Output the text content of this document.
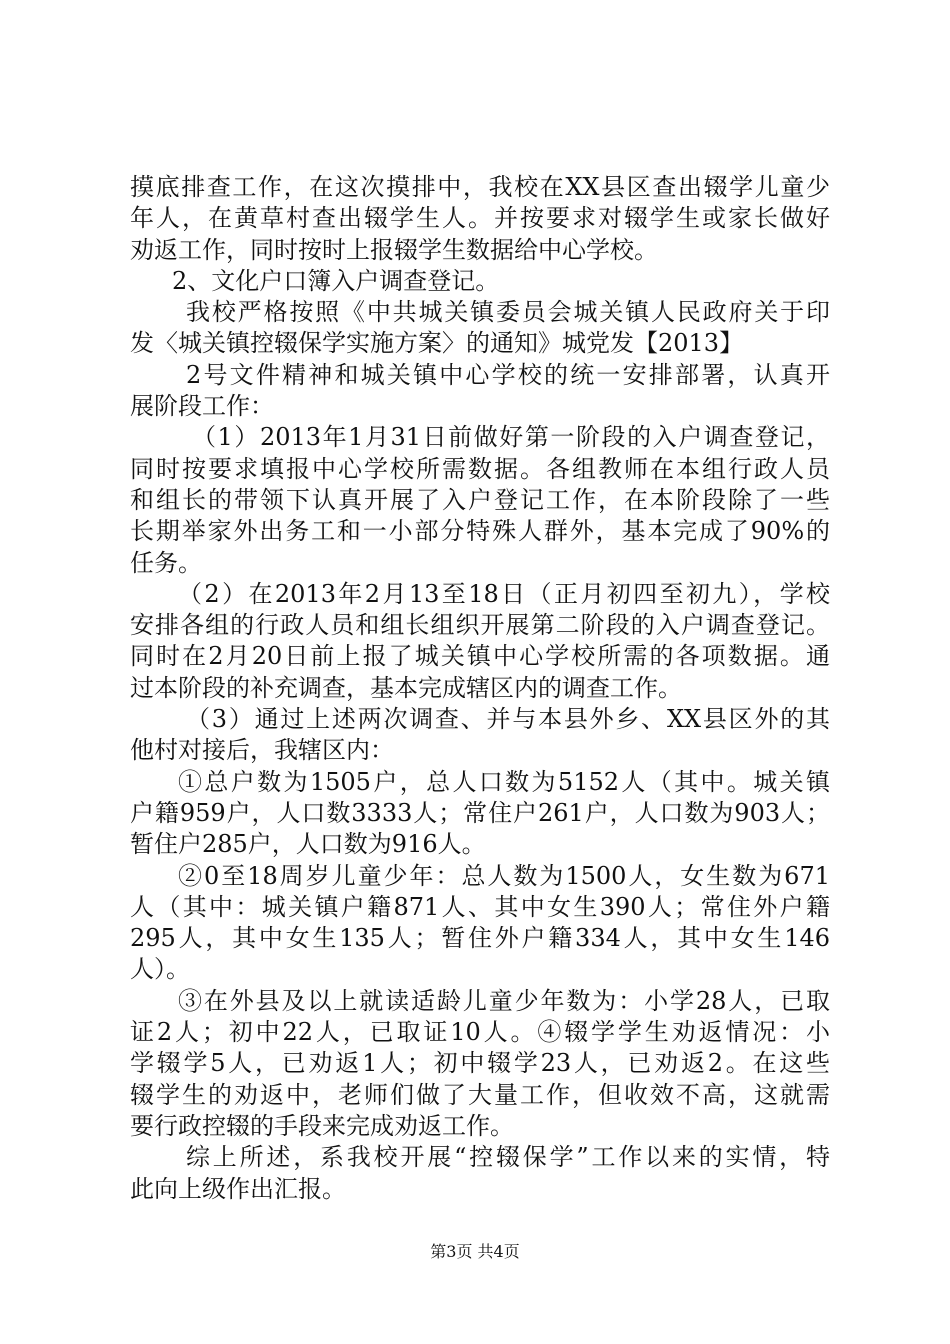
摸底排查工作，在这次摸排中，我校在XX县区查出辍学儿童少
年人，在黄草村查出辍学生人。并按要求对辍学生或家长做好
劝返工作，同时按时上报辍学生数据给中心学校。
2、文化户口簿入户调查登记。
我校严格按照《中共城关镇委员会城关镇人民政府关于印
发〈城关镇控辍保学实施方案〉的通知》城党发【2013】
2号文件精神和城关镇中心学校的统一安排部署，认真开
展阶段工作：
（1）2013年1月31日前做好第一阶段的入户调查登记，
同时按要求填报中心学校所需数据。各组教师在本组行政人员
和组长的带领下认真开展了入户登记工作，在本阶段除了一些
长期举家外出务工和一小部分特殊人群外，基本完成了90%的
任务。
（2）在2013年2月13至18日（正月初四至初九），学校
安排各组的行政人员和组长组织开展第二阶段的入户调查登记。
同时在2月20日前上报了城关镇中心学校所需的各项数据。通
过本阶段的补充调查，基本完成辖区内的调查工作。
（3）通过上述两次调查、并与本县外乡、XX县区外的其
他村对接后，我辖区内：
①总户数为1505户，总人口数为5152人（其中。城关镇
户籍959户，人口数3333人；常住户261户，人口数为903人；
暂住户285户，人口数为916人。
②0至18周岁儿童少年：总人数为1500人，女生数为671
人（其中：城关镇户籍871人、其中女生390人；常住外户籍
295人，其中女生135人；暂住外户籍334人，其中女生146
人）。
③在外县及以上就读适龄儿童少年数为：小学28人，已取
证2人；初中22人，已取证10人。④辍学学生劝返情况：小
学辍学5人，已劝返1人；初中辍学23人，已劝返2。在这些
辍学生的劝返中，老师们做了大量工作，但收效不高，这就需
要行政控辍的手段来完成劝返工作。
综上所述，系我校开展“控辍保学”工作以来的实情，特
此向上级作出汇报。
第3页 共4页
